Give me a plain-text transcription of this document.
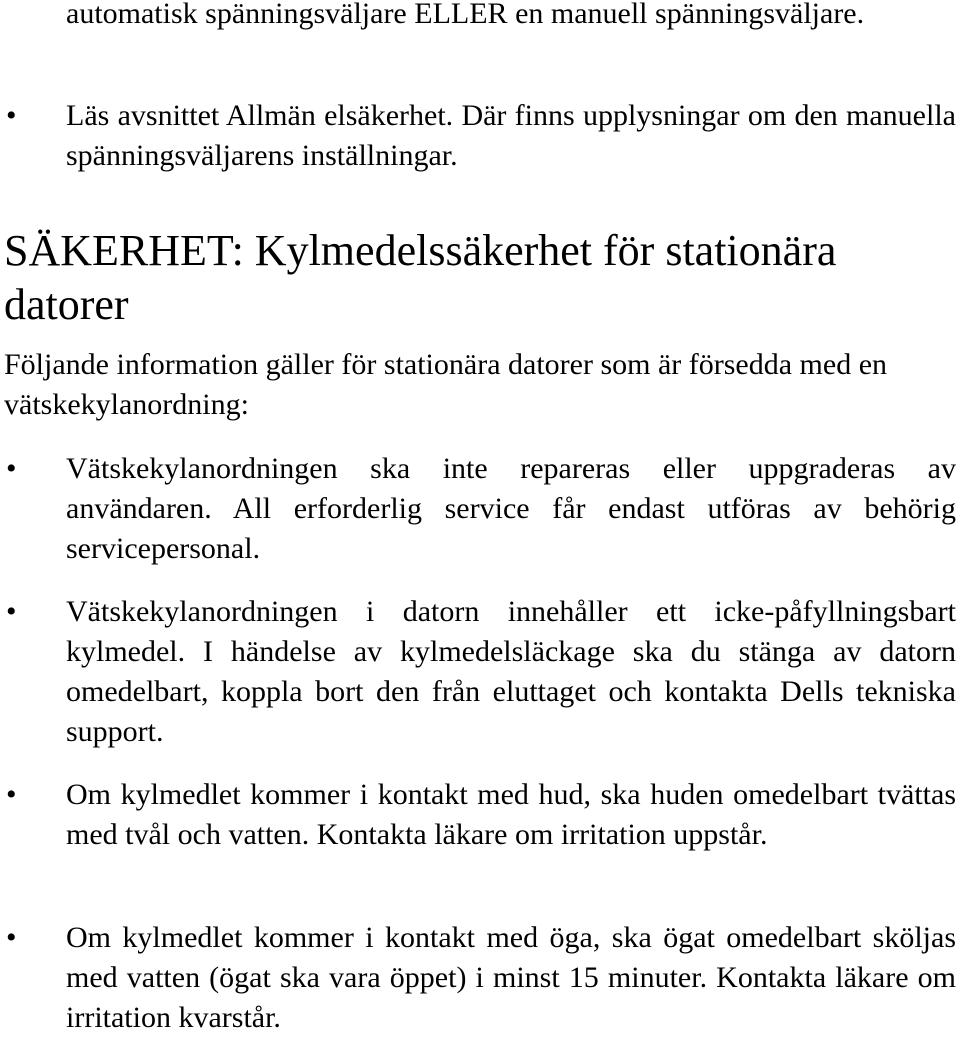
automatisk spänningsväljare ELLER en manuell spänningsväljare.
• Läs avsnittet Allmän elsäkerhet. Där finns upplysningar om den manuella spänningsväljarens inställningar.
SÄKERHET: Kylmedelssäkerhet för stationära datorer
Följande information gäller för stationära datorer som är försedda med en vätskekylanordning:
• Vätskekylanordningen ska inte repareras eller uppgraderas av användaren. All erforderlig service får endast utföras av behörig servicepersonal.
• Vätskekylanordningen i datorn innehåller ett icke-påfyllningsbart kylmedel. I händelse av kylmedelsläckage ska du stänga av datorn omedelbart, koppla bort den från eluttaget och kontakta Dells tekniska support.
• Om kylmedlet kommer i kontakt med hud, ska huden omedelbart tvättas med tvål och vatten. Kontakta läkare om irritation uppstår.
• Om kylmedlet kommer i kontakt med öga, ska ögat omedelbart sköljas med vatten (ögat ska vara öppet) i minst 15 minuter. Kontakta läkare om irritation kvarstår.
